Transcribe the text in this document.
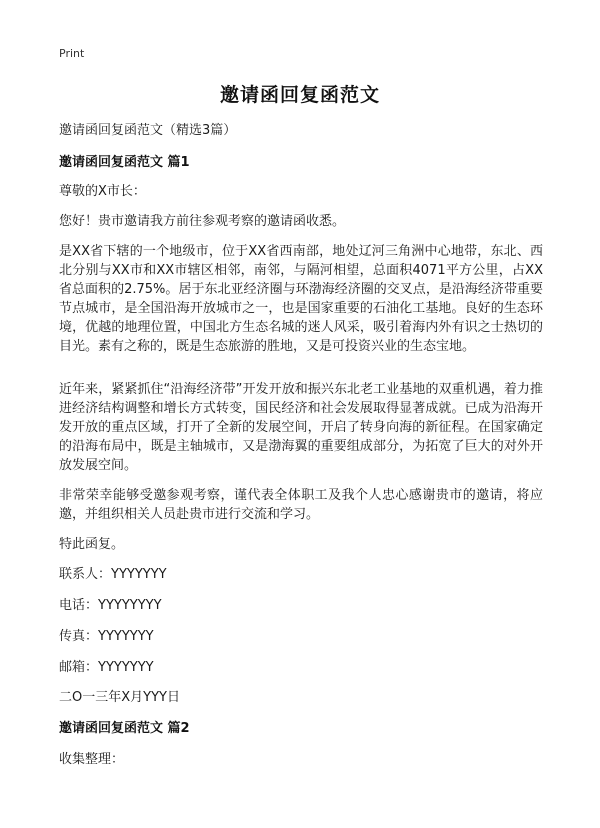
Print
邀请函回复函范文
邀请函回复函范文（精选3篇）
邀请函回复函范文 篇1
尊敬的X市长：
您好！贵市邀请我方前往参观考察的邀请函收悉。
是XX省下辖的一个地级市，位于XX省西南部，地处辽河三角洲中心地带，东北、西北分别与XX市和XX市辖区相邻，南邻，与隔河相望，总面积4071平方公里，占XX省总面积的2.75%。居于东北亚经济圈与环渤海经济圈的交叉点，是沿海经济带重要节点城市，是全国沿海开放城市之一，也是国家重要的石油化工基地。良好的生态环境，优越的地理位置，中国北方生态名城的迷人风采，吸引着海内外有识之士热切的目光。素有之称的，既是生态旅游的胜地，又是可投资兴业的生态宝地。
近年来，紧紧抓住“沿海经济带”开发开放和振兴东北老工业基地的双重机遇，着力推进经济结构调整和增长方式转变，国民经济和社会发展取得显著成就。已成为沿海开发开放的重点区域，打开了全新的发展空间，开启了转身向海的新征程。在国家确定的沿海布局中，既是主轴城市，又是渤海翼的重要组成部分，为拓宽了巨大的对外开放发展空间。
非常荣幸能够受邀参观考察，谨代表全体职工及我个人忠心感谢贵市的邀请，将应邀，并组织相关人员赴贵市进行交流和学习。
特此函复。
联系人：YYYYYYY
电话：YYYYYYYY
传真：YYYYYYY
邮箱：YYYYYYY
二O一三年X月YYY日
邀请函回复函范文 篇2
收集整理：
